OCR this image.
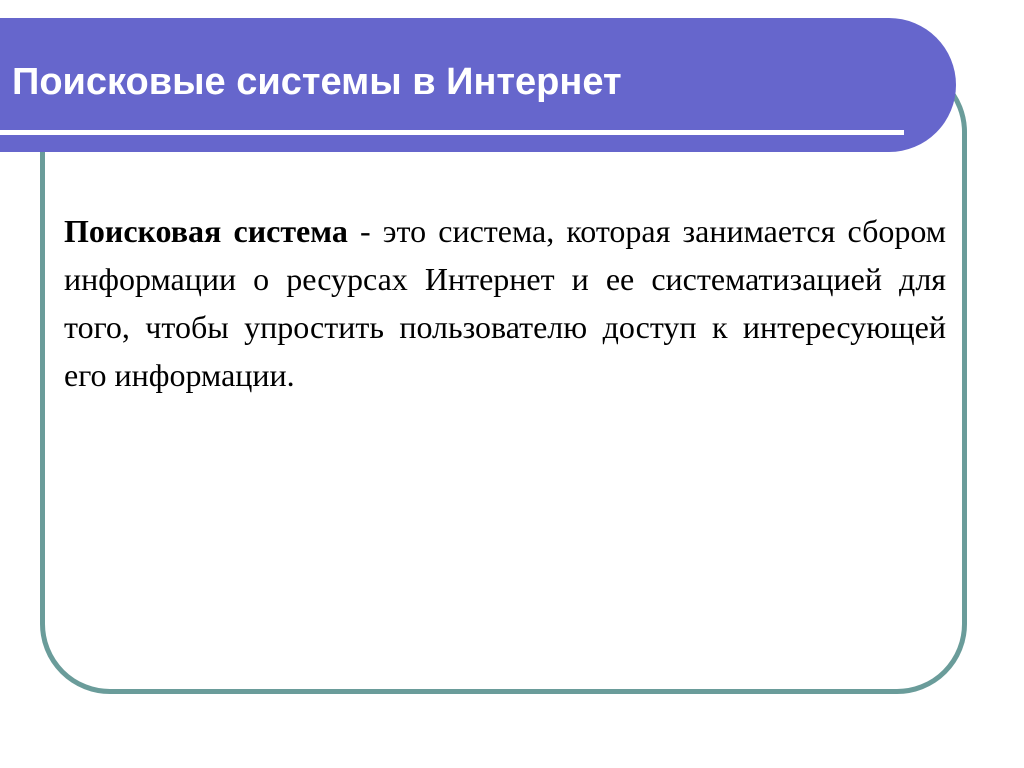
Поисковые системы в Интернет

Поисковая система - это система, которая занимается сбором информации о ресурсах Интернет и ее систематизацией для того, чтобы упростить пользователю доступ к интересующей его информации.
